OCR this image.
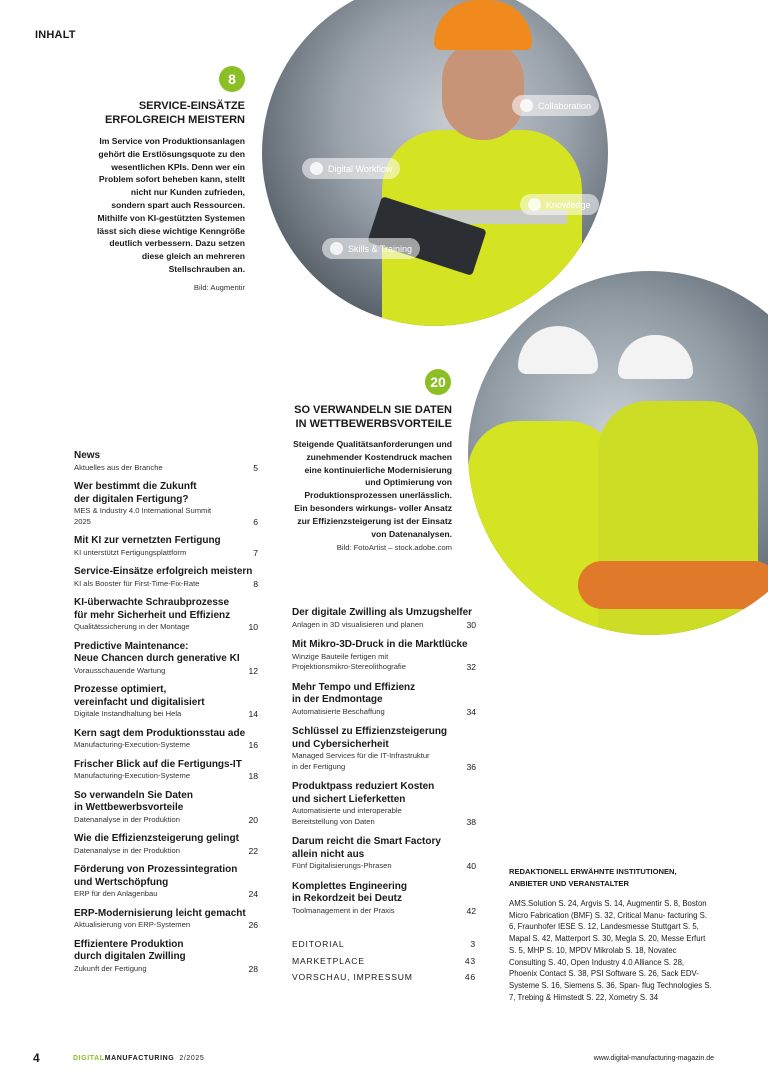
INHALT
Collaboration
Digital Workflow
Knowledge
Skills & Training
8
SERVICE-EINSÄTZE
ERFOLGREICH MEISTERN
Im Service von Produktionsanlagen gehört die Erstlösungsquote zu den wesentlichen KPIs. Denn wer ein Problem sofort beheben kann, stellt nicht nur Kunden zufrieden, sondern spart auch Ressourcen. Mithilfe von KI-gestützten Systemen lässt sich diese wichtige Kenngröße deutlich verbessern. Dazu setzen diese gleich an mehreren Stellschrauben an.
Bild: Augmentir
20
SO VERWANDELN SIE DATEN
IN WETTBEWERBSVORTEILE
Steigende Qualitätsanforderungen und zunehmender Kostendruck machen eine kontinuierliche Modernisierung und Optimierung von Produktionsprozessen unerlässlich. Ein besonders wirkungs- voller Ansatz zur Effizienzsteigerung ist der Einsatz von Datenanalysen.
Bild: FotoArtist – stock.adobe.com
News
Aktuelles aus der Branche	5
Wer bestimmt die Zukunft
der digitalen Fertigung?
MES & Industry 4.0 International Summit 2025	6
Mit KI zur vernetzten Fertigung
KI unterstützt Fertigungsplattform	7
Service-Einsätze erfolgreich meistern
KI als Booster für First-Time-Fix-Rate	8
KI-überwachte Schraubprozesse
für mehr Sicherheit und Effizienz
Qualitätssicherung in der Montage	10
Predictive Maintenance:
Neue Chancen durch generative KI
Vorausschauende Wartung	12
Prozesse optimiert,
vereinfacht und digitalisiert
Digitale Instandhaltung bei Hela	14
Kern sagt dem Produktionsstau ade
Manufacturing-Execution-Systeme	16
Frischer Blick auf die Fertigungs-IT
Manufacturing-Execution-Systeme	18
So verwandeln Sie Daten
in Wettbewerbsvorteile
Datenanalyse in der Produktion	20
Wie die Effizienzsteigerung gelingt
Datenanalyse in der Produktion	22
Förderung von Prozessintegration
und Wertschöpfung
ERP für den Anlagenbau	24
ERP-Modernisierung leicht gemacht
Aktualisierung von ERP-Systemen	26
Effizientere Produktion
durch digitalen Zwilling
Zukunft der Fertigung	28
Der digitale Zwilling als Umzugshelfer
Anlagen in 3D visualisieren und planen	30
Mit Mikro-3D-Druck in die Marktlücke
Winzige Bauteile fertigen mit
Projektionsmikro-Stereolithografie	32
Mehr Tempo und Effizienz
in der Endmontage
Automatisierte Beschaffung	34
Schlüssel zu Effizienzsteigerung
und Cybersicherheit
Managed Services für die IT-Infrastruktur
in der Fertigung	36
Produktpass reduziert Kosten
und sichert Lieferketten
Automatisierte und interoperable
Bereitstellung von Daten	38
Darum reicht die Smart Factory
allein nicht aus
Fünf Digitalisierungs-Phrasen	40
Komplettes Engineering
in Rekordzeit bei Deutz
Toolmanagement in der Praxis	42
EDITORIAL	3
MARKETPLACE	43
VORSCHAU, IMPRESSUM	46
REDAKTIONELL ERWÄHNTE INSTITUTIONEN,
ANBIETER UND VERANSTALTER
AMS.Solution S. 24, Argvis S. 14, Augmentir S. 8, Boston Micro Fabrication (BMF) S. 32, Critical Manu- facturing S. 6, Fraunhofer IESE S. 12, Landesmesse Stuttgart S. 5, Mapal S. 42, Matterport S. 30, Megla S. 20, Messe Erfurt S. 5, MHP S. 10, MPDV Mikrolab S. 18, Novatec Consulting S. 40, Open Industry 4.0 Alliance S. 28, Phoenix Contact S. 38, PSI Software S. 26, Sack EDV-Systeme S. 16, Siemens S. 36, Span- flug Technologies S. 7, Trebing & Himstedt S. 22, Xometry S. 34
4	DIGITAL MANUFACTURING 2/2025	www.digital-manufacturing-magazin.de
